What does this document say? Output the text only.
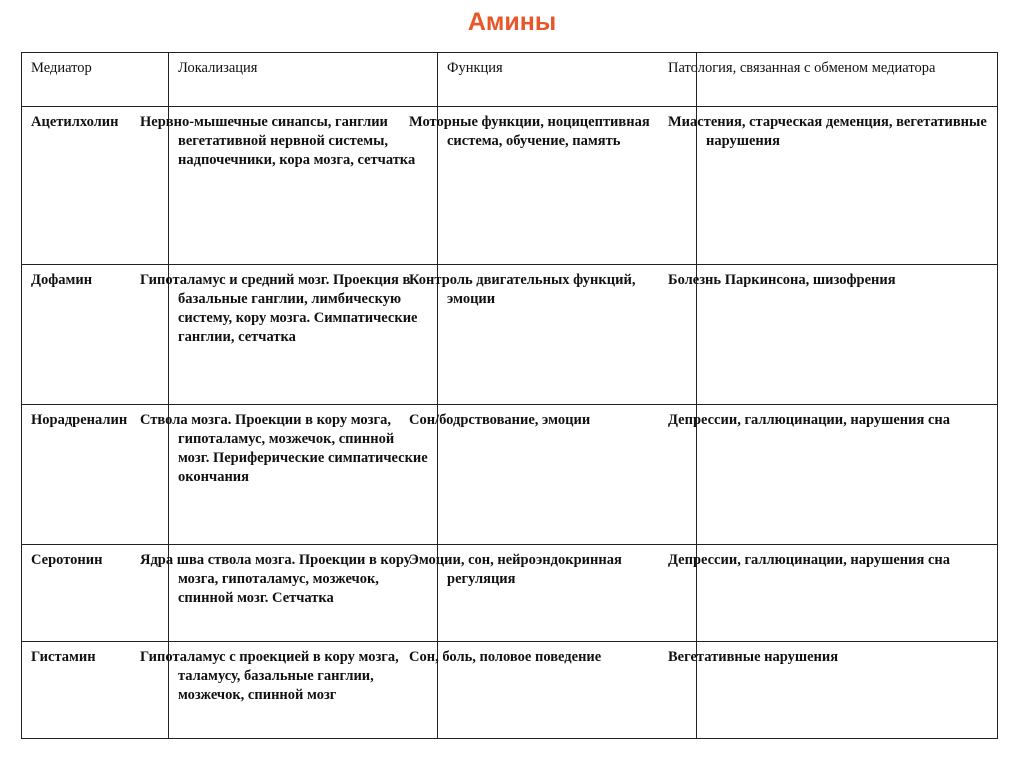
Амины
Медиатор	Локализация	Функция	Патология, связанная с обменом медиатора
Ацетилхолин	Нервно-мышечные синапсы, ганглии вегетативной нервной системы, надпочечники, кора мозга, сетчатка	Моторные функции, ноцицептивная система, обучение, память	Миастения, старческая деменция, вегетативные нарушения
Дофамин	Гипоталамус и средний мозг. Проекция в базальные ганглии, лимбическую систему, кору мозга. Симпатические ганглии, сетчатка	Контроль двигательных функций, эмоции	Болезнь Паркинсона, шизофрения
Норадреналин	Ствола мозга. Проекции в кору мозга, гипоталамус, мозжечок, спинной мозг. Периферические симпатические окончания	Сон/бодрствование, эмоции	Депрессии, галлюцинации, нарушения сна
Серотонин	Ядра шва ствола мозга. Проекции в кору мозга, гипоталамус, мозжечок, спинной мозг. Сетчатка	Эмоции, сон, нейроэндокринная регуляция	Депрессии, галлюцинации, нарушения сна
Гистамин	Гипоталамус с проекцией в кору мозга, таламусу, базальные ганглии, мозжечок, спинной мозг	Сон, боль, половое поведение	Вегетативные нарушения
